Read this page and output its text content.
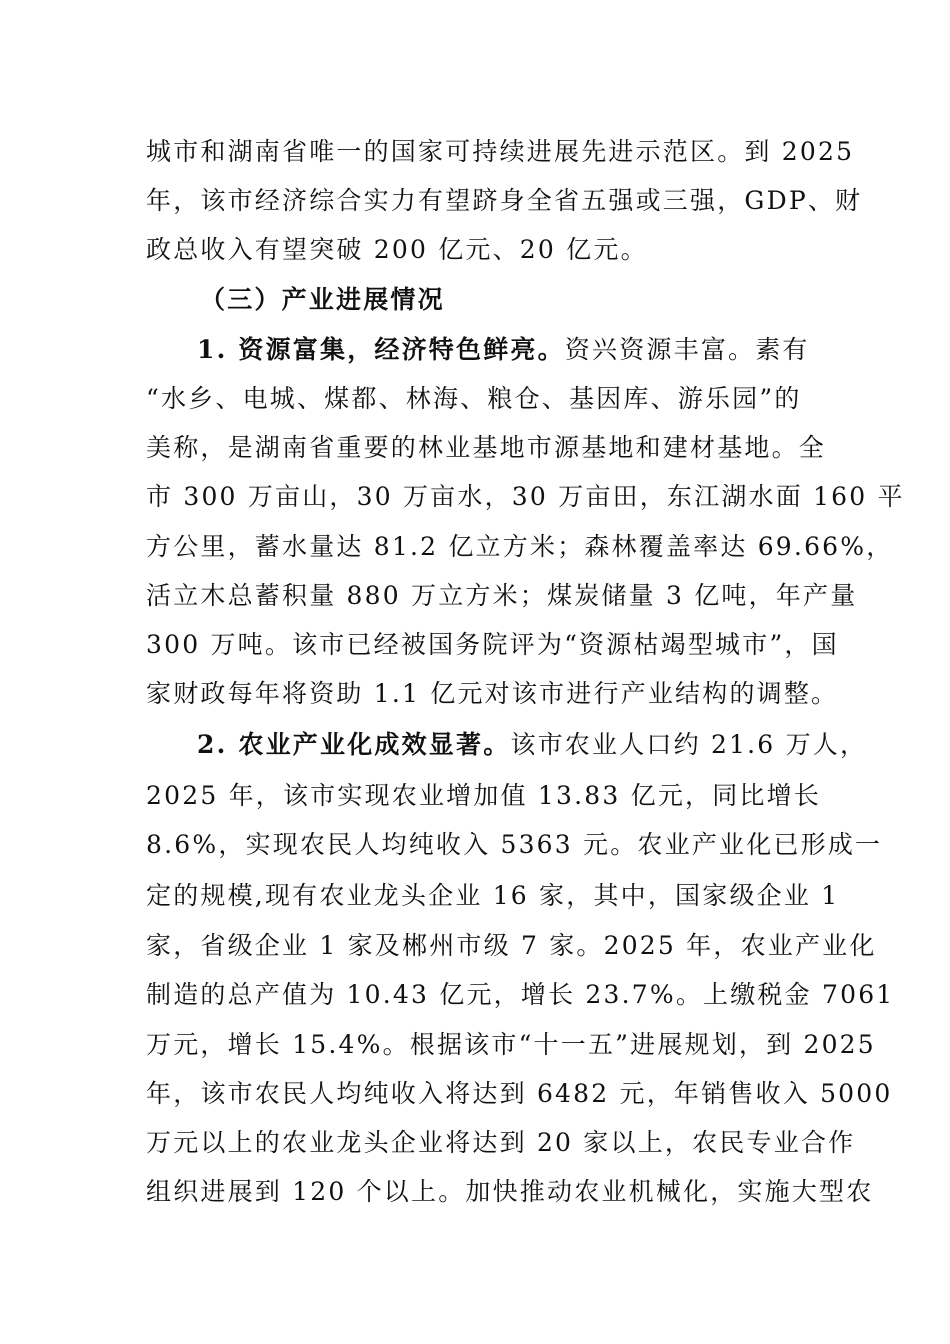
城市和湖南省唯一的国家可持续进展先进示范区。到 2025
年，该市经济综合实力有望跻身全省五强或三强，GDP、财
政总收入有望突破 200 亿元、20 亿元。
（三）产业进展情况
1. 资源富集，经济特色鲜亮。资兴资源丰富。素有
“水乡、电城、煤都、林海、粮仓、基因库、游乐园”的
美称，是湖南省重要的林业基地市源基地和建材基地。全
市 300 万亩山，30 万亩水，30 万亩田，东江湖水面 160 平
方公里，蓄水量达 81.2 亿立方米；森林覆盖率达 69.66%，
活立木总蓄积量 880 万立方米；煤炭储量 3 亿吨，年产量
300 万吨。该市已经被国务院评为“资源枯竭型城市”，国
家财政每年将资助 1.1 亿元对该市进行产业结构的调整。
2. 农业产业化成效显著。该市农业人口约 21.6 万人，
2025 年，该市实现农业增加值 13.83 亿元，同比增长
8.6%，实现农民人均纯收入 5363 元。农业产业化已形成一
定的规模,现有农业龙头企业 16 家，其中，国家级企业 1
家，省级企业 1 家及郴州市级 7 家。2025 年，农业产业化
制造的总产值为 10.43 亿元，增长 23.7%。上缴税金 7061
万元，增长 15.4%。根据该市“十一五”进展规划，到 2025
年，该市农民人均纯收入将达到 6482 元，年销售收入 5000
万元以上的农业龙头企业将达到 20 家以上，农民专业合作
组织进展到 120 个以上。加快推动农业机械化，实施大型农
